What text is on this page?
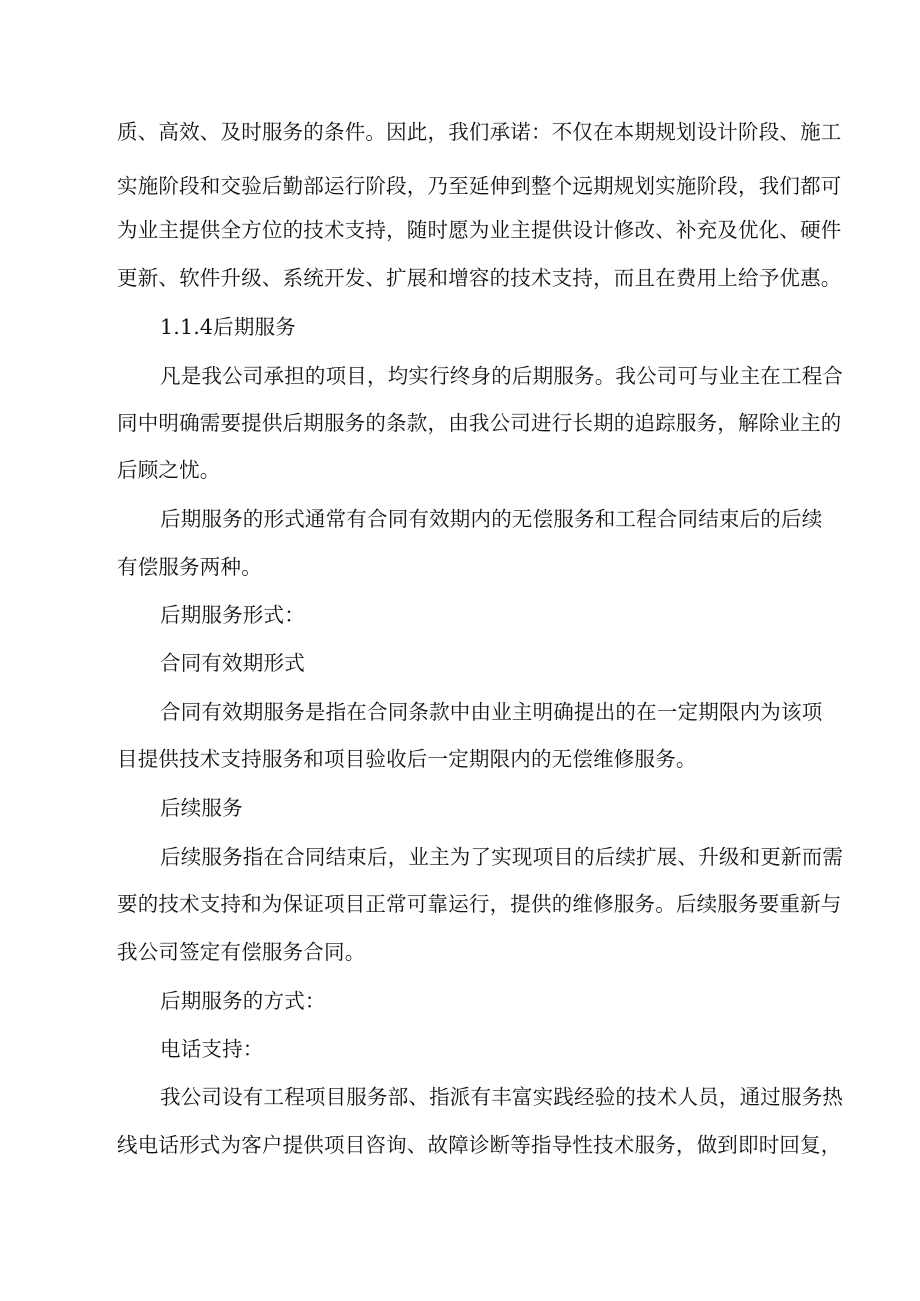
质、高效、及时服务的条件。因此，我们承诺：不仅在本期规划设计阶段、施工
实施阶段和交验后勤部运行阶段，乃至延伸到整个远期规划实施阶段，我们都可
为业主提供全方位的技术支持，随时愿为业主提供设计修改、补充及优化、硬件
更新、软件升级、系统开发、扩展和增容的技术支持，而且在费用上给予优惠。
1.1.4后期服务
凡是我公司承担的项目，均实行终身的后期服务。我公司可与业主在工程合
同中明确需要提供后期服务的条款，由我公司进行长期的追踪服务，解除业主的
后顾之忧。
后期服务的形式通常有合同有效期内的无偿服务和工程合同结束后的后续
有偿服务两种。
后期服务形式：
合同有效期形式
合同有效期服务是指在合同条款中由业主明确提出的在一定期限内为该项
目提供技术支持服务和项目验收后一定期限内的无偿维修服务。
后续服务
后续服务指在合同结束后，业主为了实现项目的后续扩展、升级和更新而需
要的技术支持和为保证项目正常可靠运行，提供的维修服务。后续服务要重新与
我公司签定有偿服务合同。
后期服务的方式：
电话支持：
我公司设有工程项目服务部、指派有丰富实践经验的技术人员，通过服务热
线电话形式为客户提供项目咨询、故障诊断等指导性技术服务，做到即时回复，
